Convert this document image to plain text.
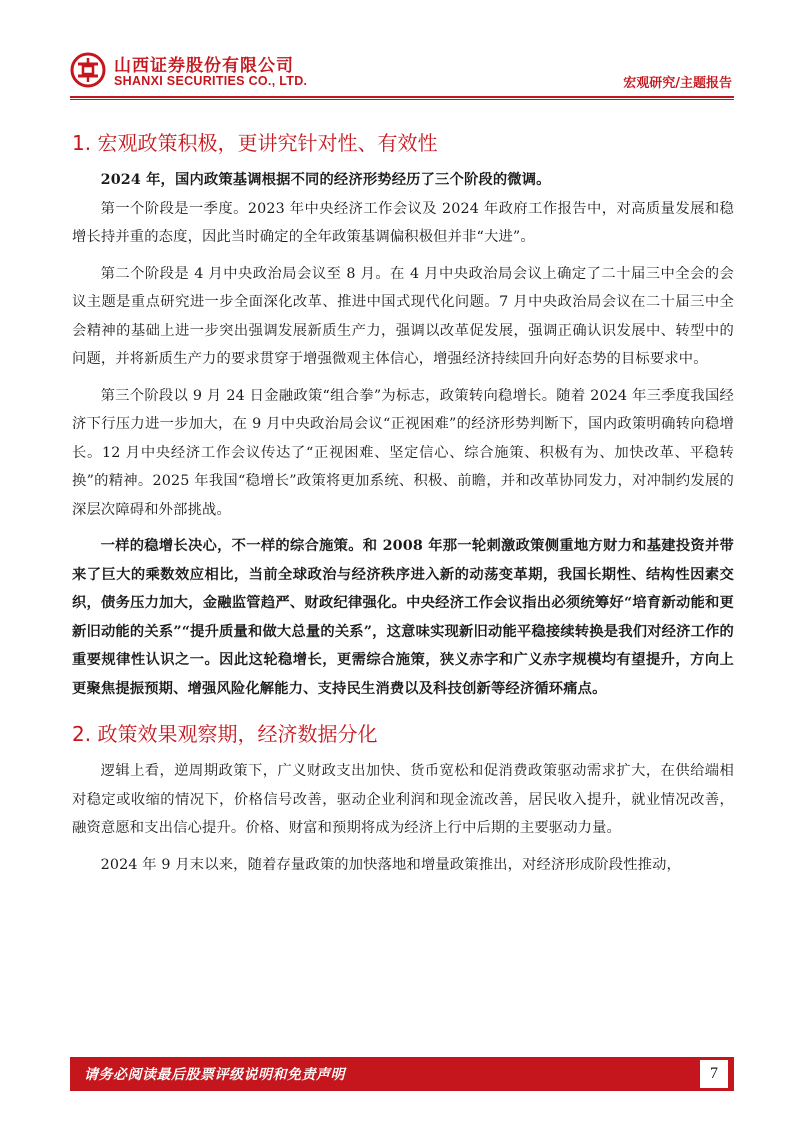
山西证券股份有限公司
SHANXI SECURITIES CO., LTD.	宏观研究/主题报告
1. 宏观政策积极，更讲究针对性、有效性

2024 年，国内政策基调根据不同的经济形势经历了三个阶段的微调。

第一个阶段是一季度。2023 年中央经济工作会议及 2024 年政府工作报告中，对高质量发展和稳增长持并重的态度，因此当时确定的全年政策基调偏积极但并非“大进”。

第二个阶段是 4 月中央政治局会议至 8 月。在 4 月中央政治局会议上确定了二十届三中全会的会议主题是重点研究进一步全面深化改革、推进中国式现代化问题。7 月中央政治局会议在二十届三中全会精神的基础上进一步突出强调发展新质生产力，强调以改革促发展，强调正确认识发展中、转型中的问题，并将新质生产力的要求贯穿于增强微观主体信心，增强经济持续回升向好态势的目标要求中。

第三个阶段以 9 月 24 日金融政策“组合拳”为标志，政策转向稳增长。随着 2024 年三季度我国经济下行压力进一步加大，在 9 月中央政治局会议“正视困难”的经济形势判断下，国内政策明确转向稳增长。12 月中央经济工作会议传达了“正视困难、坚定信心、综合施策、积极有为、加快改革、平稳转换”的精神。2025 年我国“稳增长”政策将更加系统、积极、前瞻，并和改革协同发力，对冲制约发展的深层次障碍和外部挑战。

一样的稳增长决心，不一样的综合施策。和 2008 年那一轮刺激政策侧重地方财力和基建投资并带来了巨大的乘数效应相比，当前全球政治与经济秩序进入新的动荡变革期，我国长期性、结构性因素交织，债务压力加大，金融监管趋严、财政纪律强化。中央经济工作会议指出必须统筹好“培育新动能和更新旧动能的关系”“提升质量和做大总量的关系”，这意味实现新旧动能平稳接续转换是我们对经济工作的重要规律性认识之一。因此这轮稳增长，更需综合施策，狭义赤字和广义赤字规模均有望提升，方向上更聚焦提振预期、增强风险化解能力、支持民生消费以及科技创新等经济循环痛点。

2. 政策效果观察期，经济数据分化

逻辑上看，逆周期政策下，广义财政支出加快、货币宽松和促消费政策驱动需求扩大，在供给端相对稳定或收缩的情况下，价格信号改善，驱动企业利润和现金流改善，居民收入提升，就业情况改善，融资意愿和支出信心提升。价格、财富和预期将成为经济上行中后期的主要驱动力量。

2024 年 9 月末以来，随着存量政策的加快落地和增量政策推出，对经济形成阶段性推动，

请务必阅读最后股票评级说明和免责声明	7
